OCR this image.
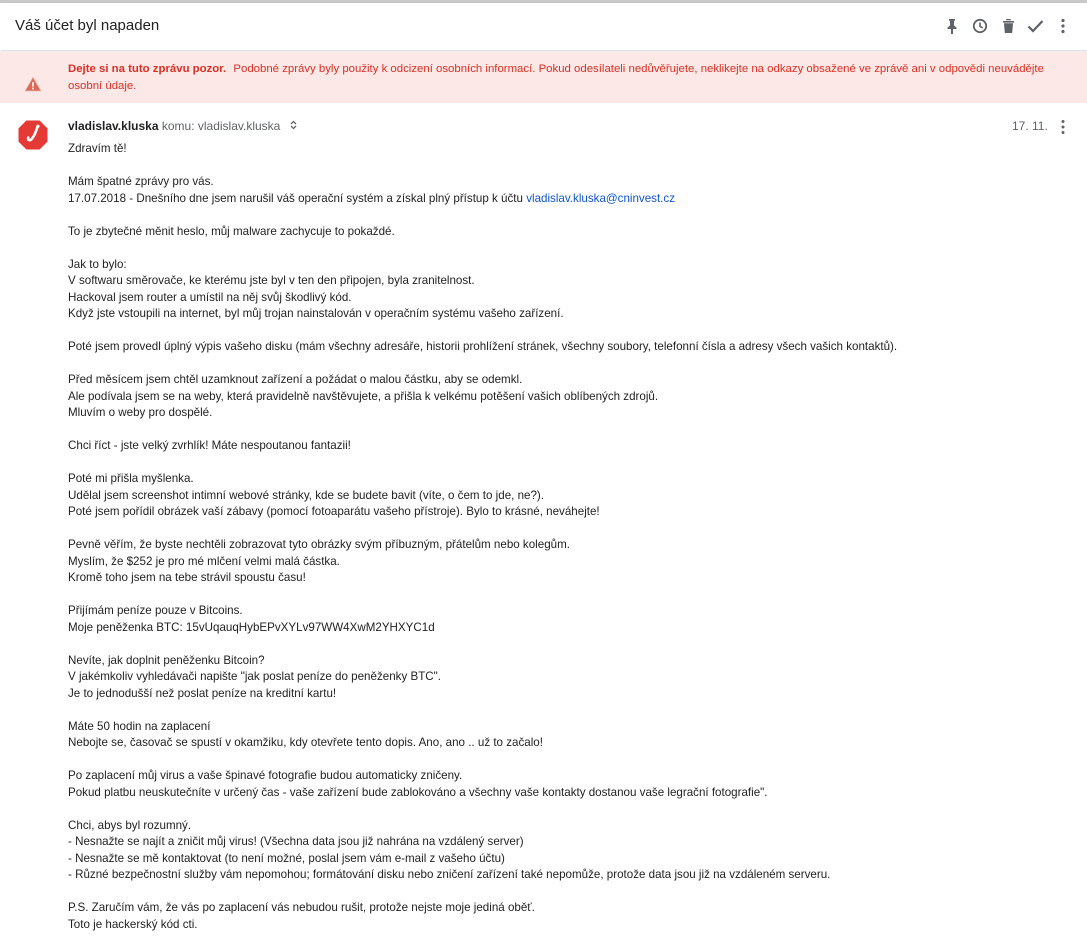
Váš účet byl napaden
Dejte si na tuto zprávu pozor. Podobné zprávy byly použity k odcizení osobních informací. Pokud odesílateli nedůvěřujete, neklikejte na odkazy obsažené ve zprávě ani v odpovědi neuvádějte osobní údaje.
vladislav.kluska komu: vladislav.kluska	17. 11.
Zdravím tě!
Mám špatné zprávy pro vás.
17.07.2018 - Dnešního dne jsem narušil váš operační systém a získal plný přístup k účtu vladislav.kluska@cninvest.cz
To je zbytečné měnit heslo, můj malware zachycuje to pokaždé.
Jak to bylo:
V softwaru směrovače, ke kterému jste byl v ten den připojen, byla zranitelnost.
Hackoval jsem router a umístil na něj svůj škodlivý kód.
Když jste vstoupili na internet, byl můj trojan nainstalován v operačním systému vašeho zařízení.
Poté jsem provedl úplný výpis vašeho disku (mám všechny adresáře, historii prohlížení stránek, všechny soubory, telefonní čísla a adresy všech vašich kontaktů).
Před měsícem jsem chtěl uzamknout zařízení a požádat o malou částku, aby se odemkl.
Ale podívala jsem se na weby, která pravidelně navštěvujete, a přišla k velkému potěšení vašich oblíbených zdrojů.
Mluvím o weby pro dospělé.
Chci říct - jste velký zvrhlík! Máte nespoutanou fantazii!
Poté mi přišla myšlenka.
Udělal jsem screenshot intimní webové stránky, kde se budete bavit (víte, o čem to jde, ne?).
Poté jsem pořídil obrázek vaší zábavy (pomocí fotoaparátu vašeho přístroje). Bylo to krásné, neváhejte!
Pevně věřím, že byste nechtěli zobrazovat tyto obrázky svým příbuzným, přátelům nebo kolegům.
Myslím, že $252 je pro mé mlčení velmi malá částka.
Kromě toho jsem na tebe strávil spoustu času!
Přijímám peníze pouze v Bitcoins.
Moje peněženka BTC: 15vUqauqHybEPvXYLv97WW4XwM2YHXYC1d
Nevíte, jak doplnit peněženku Bitcoin?
V jakémkoliv vyhledávači napište "jak poslat peníze do peněženky BTC".
Je to jednodušší než poslat peníze na kreditní kartu!
Máte 50 hodin na zaplacení
Nebojte se, časovač se spustí v okamžiku, kdy otevřete tento dopis. Ano, ano .. už to začalo!
Po zaplacení můj virus a vaše špinavé fotografie budou automaticky zničeny.
Pokud platbu neuskutečníte v určený čas - vaše zařízení bude zablokováno a všechny vaše kontakty dostanou vaše legrační fotografie".
Chci, abys byl rozumný.
- Nesnažte se najít a zničit můj virus! (Všechna data jsou již nahrána na vzdálený server)
- Nesnažte se mě kontaktovat (to není možné, poslal jsem vám e-mail z vašeho účtu)
- Různé bezpečnostní služby vám nepomohou; formátování disku nebo zničení zařízení také nepomůže, protože data jsou již na vzdáleném serveru.
P.S. Zaručím vám, že vás po zaplacení vás nebudou rušit, protože nejste moje jediná oběť.
Toto je hackerský kód cti.
